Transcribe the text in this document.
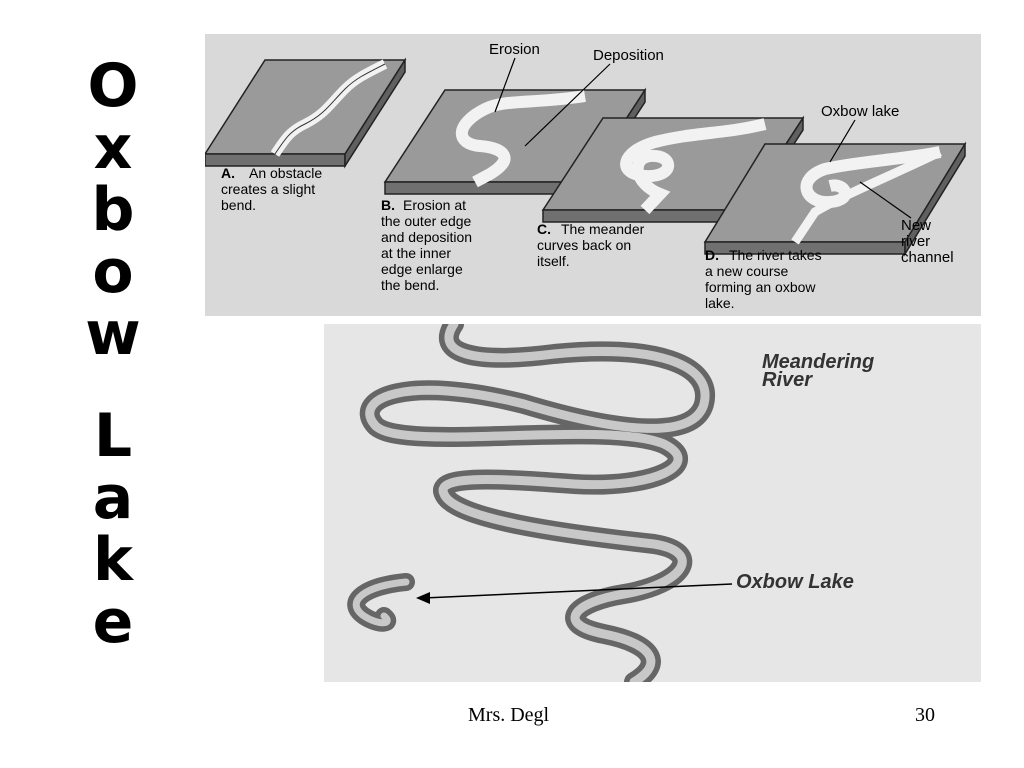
O
x
b
o
w
L
a
k
e
Erosion	Deposition
Oxbow lake
New
river
channel
A. An obstacle
creates a slight
bend.	B. Erosion at
the outer edge
and deposition
at the inner
edge enlarge
the bend.
C. The meander
curves back on
itself.	D. The river takes
a new course
forming an oxbow
lake.
Meandering
River
Oxbow Lake
Mrs. Degl	30
